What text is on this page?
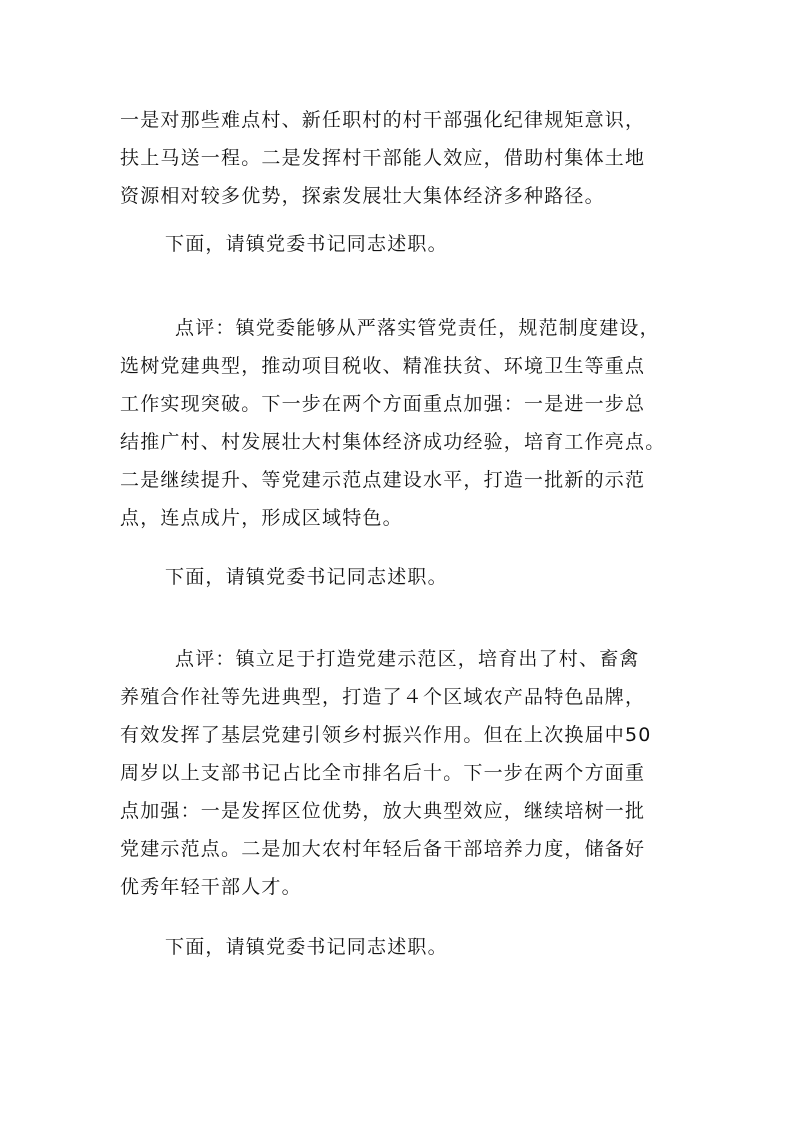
一是对那些难点村、新任职村的村干部强化纪律规矩意识，
扶上马送一程。二是发挥村干部能人效应，借助村集体土地
资源相对较多优势，探索发展壮大集体经济多种路径。
下面，请镇党委书记同志述职。
点评：镇党委能够从严落实管党责任，规范制度建设，
选树党建典型，推动项目税收、精准扶贫、环境卫生等重点
工作实现突破。下一步在两个方面重点加强：一是进一步总
结推广村、村发展壮大村集体经济成功经验，培育工作亮点。
二是继续提升、等党建示范点建设水平，打造一批新的示范
点，连点成片，形成区域特色。
下面，请镇党委书记同志述职。
点评：镇立足于打造党建示范区，培育出了村、畜禽
养殖合作社等先进典型，打造了４个区域农产品特色品牌，
有效发挥了基层党建引领乡村振兴作用。但在上次换届中50
周岁以上支部书记占比全市排名后十。下一步在两个方面重
点加强：一是发挥区位优势，放大典型效应，继续培树一批
党建示范点。二是加大农村年轻后备干部培养力度，储备好
优秀年轻干部人才。
下面，请镇党委书记同志述职。
